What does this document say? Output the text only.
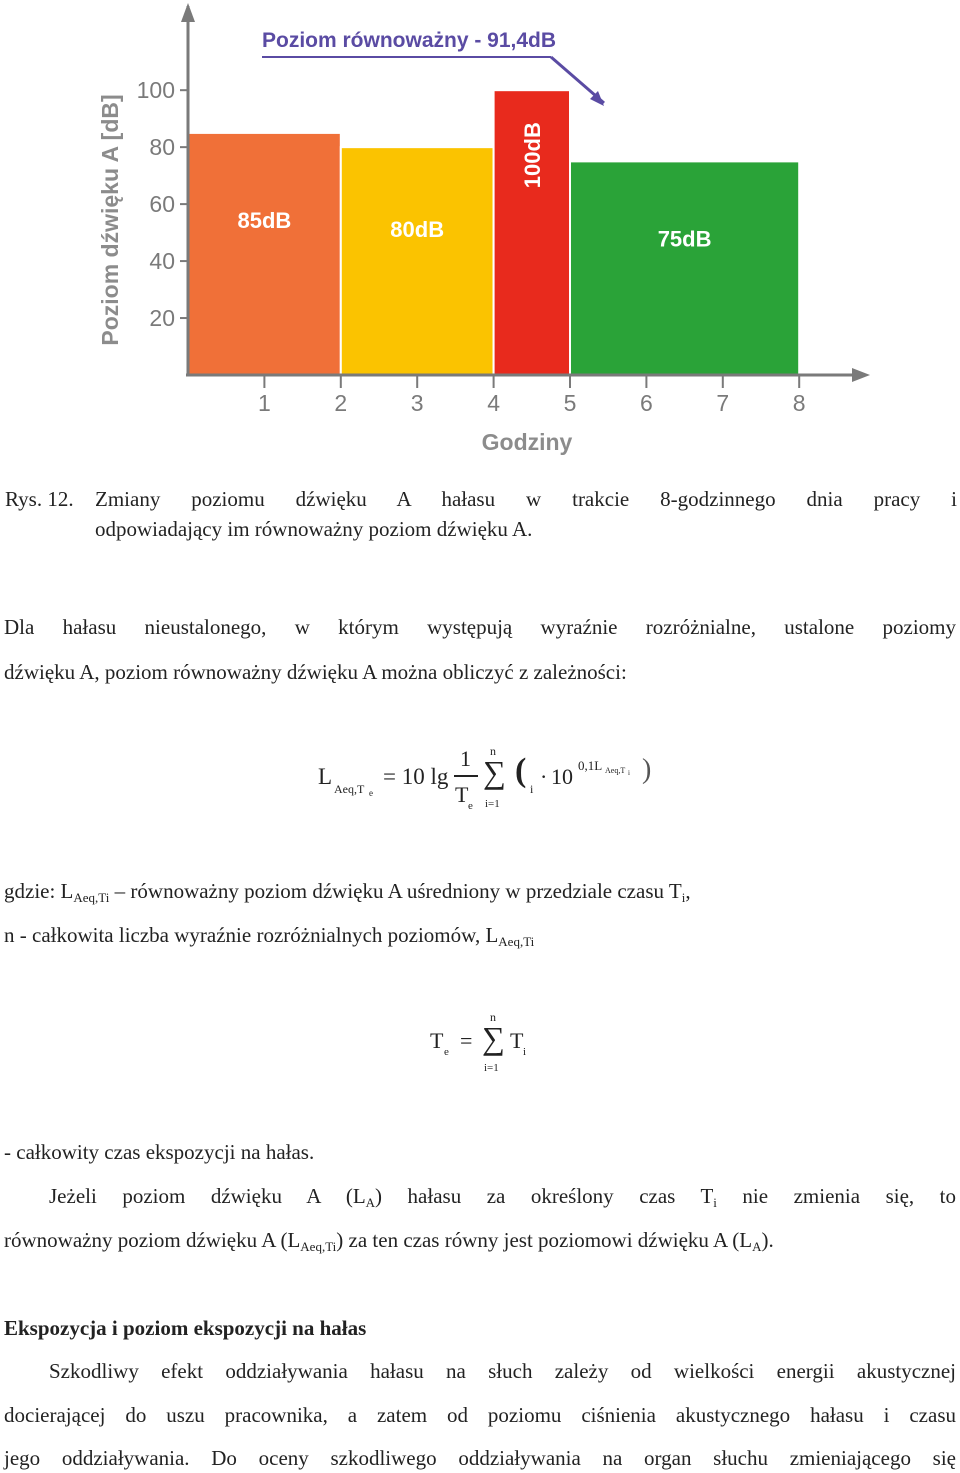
85dB	80dB
100dB
75dB
20
40
60
80
100
1	2	3	4	5	6	7	8
Poziom dźwięku A [dB]
Godziny
Poziom równoważny - 91,4dB
Rys. 12. Zmiany poziomu dźwięku A hałasu w trakcie 8-godzinnego dnia pracy i
odpowiadający im równoważny poziom dźwięku A.
Dla hałasu nieustalonego, w którym występują wyraźnie rozróżnialne, ustalone poziomy
dźwięku A, poziom równoważny dźwięku A można obliczyć z zależności:
L Aeq,T e
= 10 lg
1
T e
n
∑
i=1
( i · 10 0,1L Aeq,T i )
gdzie: $L_{Aeq,Ti}$ – równoważny poziom dźwięku A uśredniony w przedziale czasu $T_i$,
n - całkowita liczba wyraźnie rozróżnialnych poziomów, $L_{Aeq,Ti}$
T e =
n
∑
i=1
T i
- całkowity czas ekspozycji na hałas.
Jeżeli poziom dźwięku A $(L_A)$ hałasu za określony czas $T_i$ nie zmienia się, to
równoważny poziom dźwięku A $(L_{Aeq,Ti})$ za ten czas równy jest poziomowi dźwięku A $(L_A)$.
Ekspozycja i poziom ekspozycji na hałas
Szkodliwy efekt oddziaływania hałasu na słuch zależy od wielkości energii akustycznej
docierającej do uszu pracownika, a zatem od poziomu ciśnienia akustycznego hałasu i czasu
jego oddziaływania. Do oceny szkodliwego oddziaływania na organ słuchu zmieniającego się
